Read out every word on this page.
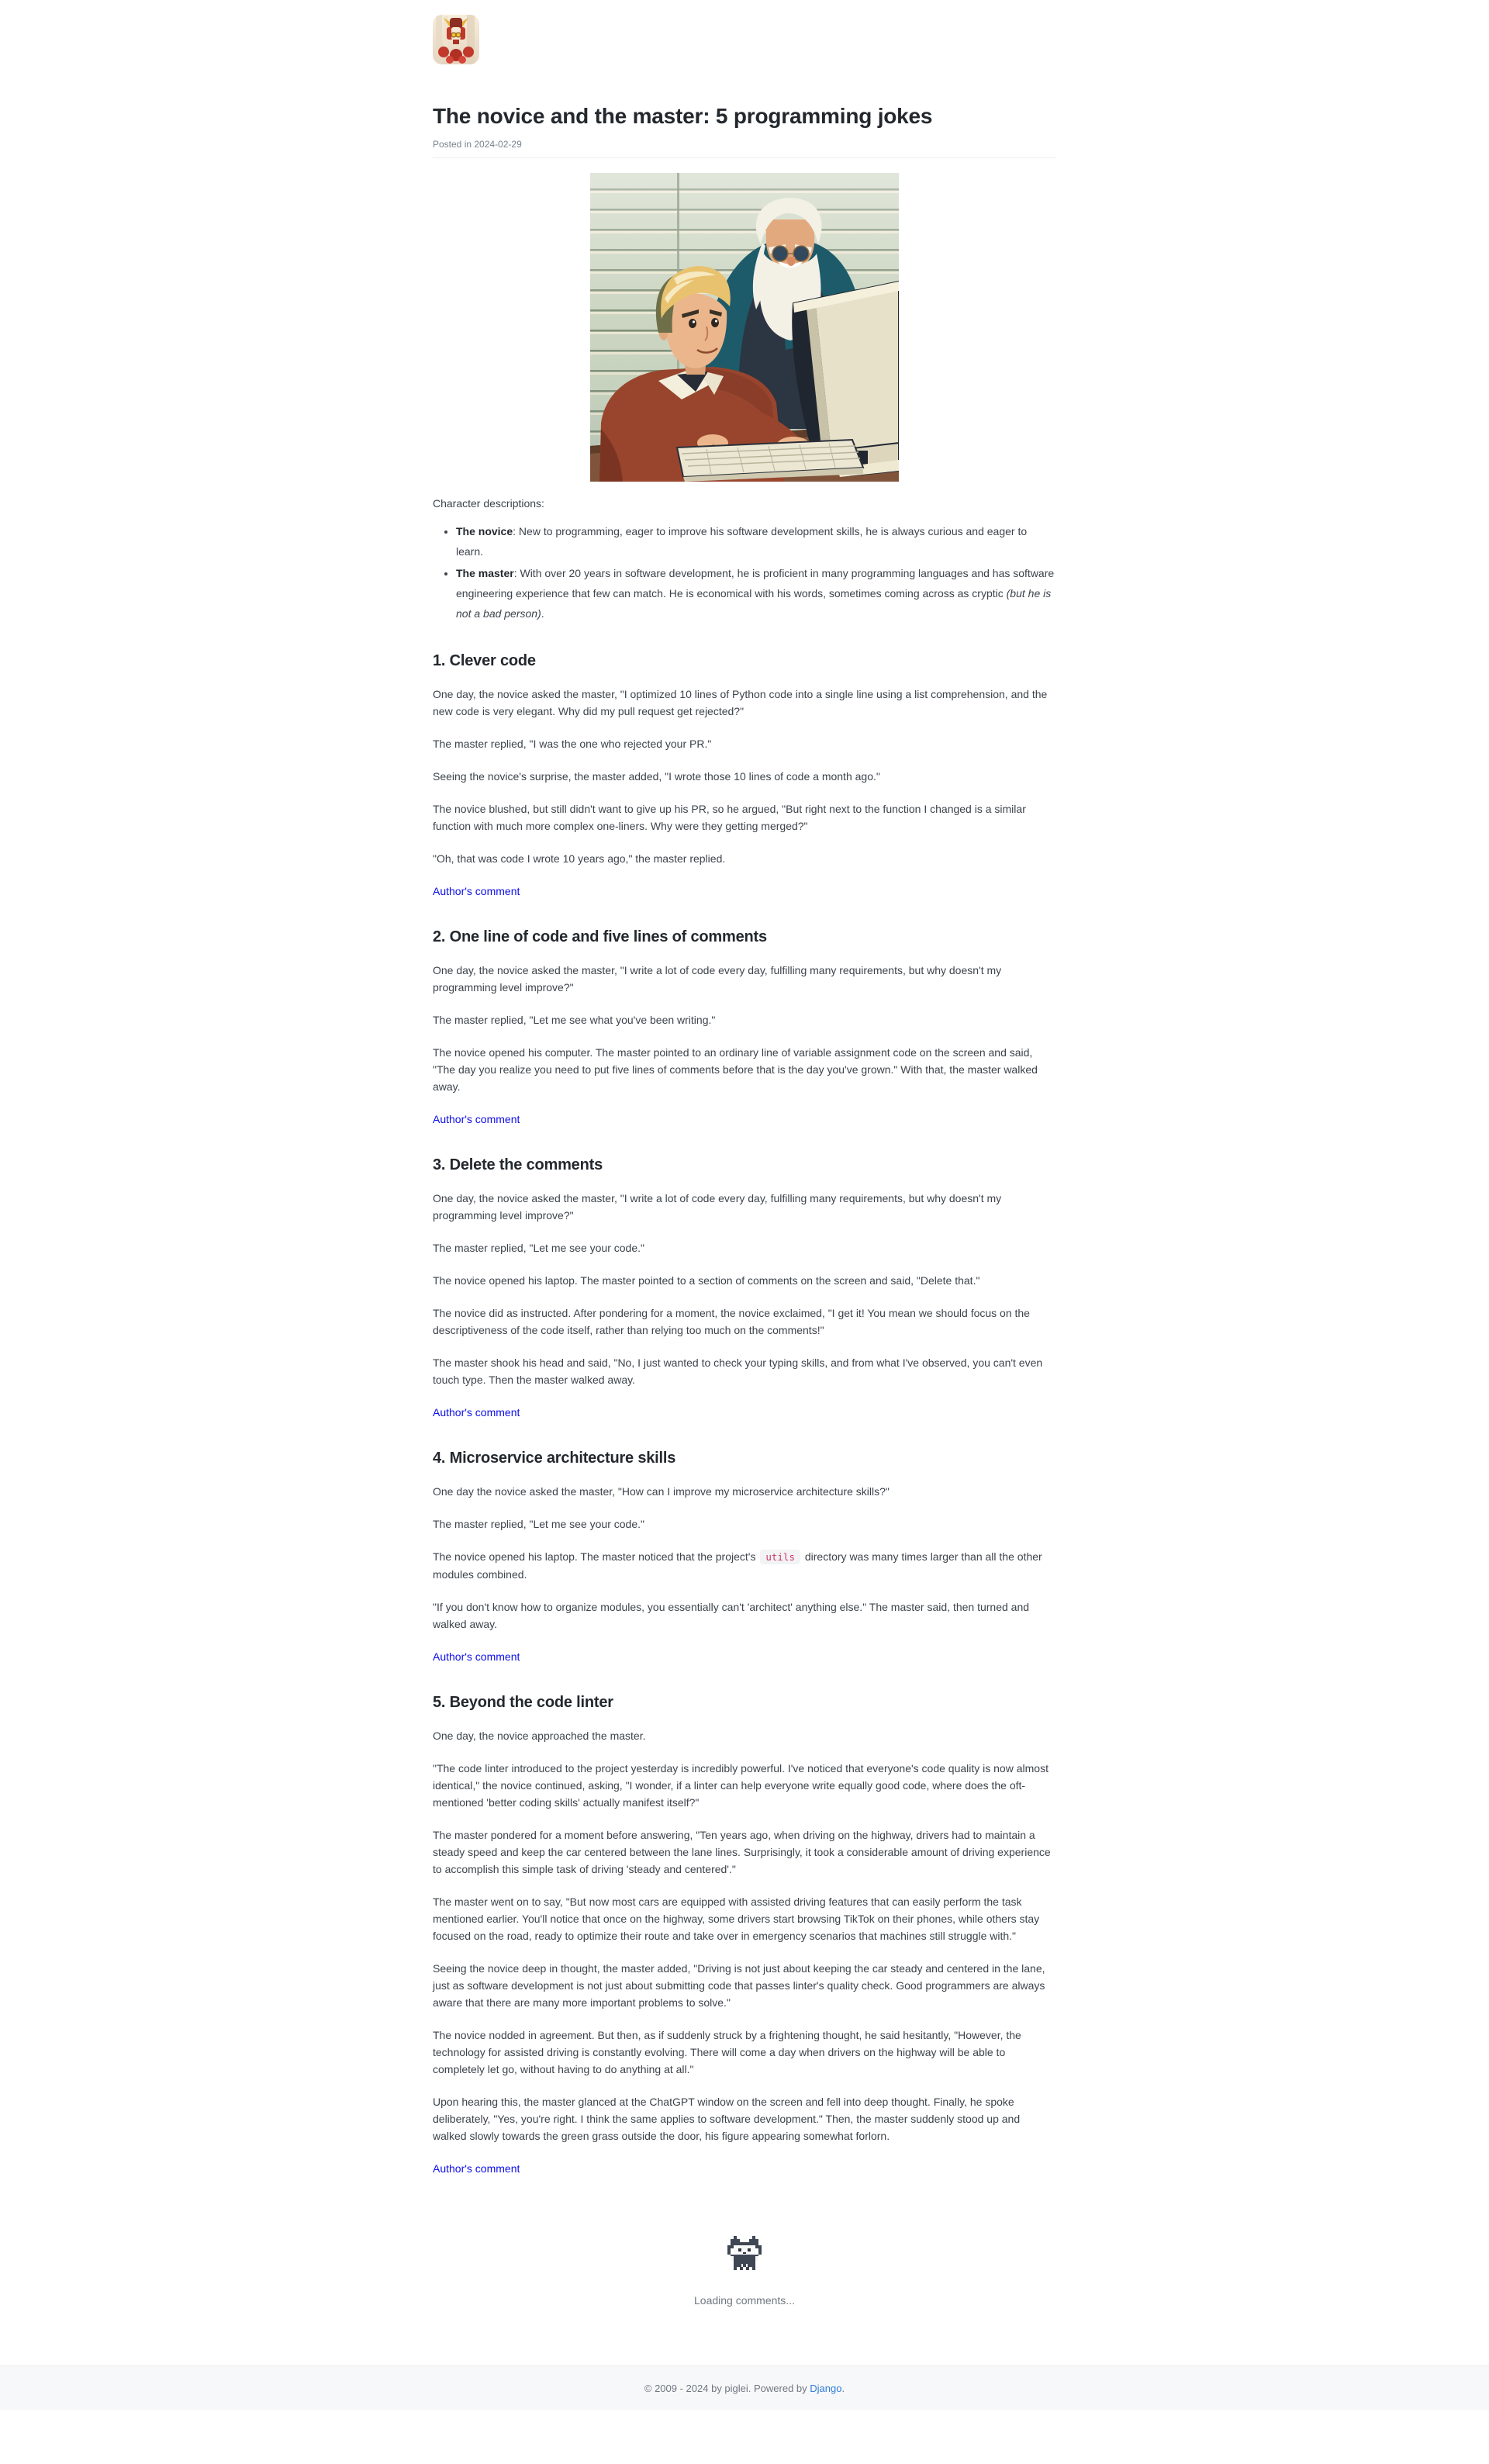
The novice and the master: 5 programming jokes
Posted in 2024-02-29

Character descriptions:

• The novice: New to programming, eager to improve his software development skills, he is always curious and eager to learn.
• The master: With over 20 years in software development, he is proficient in many programming languages and has software engineering experience that few can match. He is economical with his words, sometimes coming across as cryptic (but he is not a bad person).
1. Clever code

One day, the novice asked the master, "I optimized 10 lines of Python code into a single line using a list comprehension, and the new code is very elegant. Why did my pull request get rejected?"

The master replied, "I was the one who rejected your PR."

Seeing the novice's surprise, the master added, "I wrote those 10 lines of code a month ago."

The novice blushed, but still didn't want to give up his PR, so he argued, "But right next to the function I changed is a similar function with much more complex one-liners. Why were they getting merged?"

"Oh, that was code I wrote 10 years ago," the master replied.

Author's comment

2. One line of code and five lines of comments

One day, the novice asked the master, "I write a lot of code every day, fulfilling many requirements, but why doesn't my programming level improve?"

The master replied, "Let me see what you've been writing."

The novice opened his computer. The master pointed to an ordinary line of variable assignment code on the screen and said, "The day you realize you need to put five lines of comments before that is the day you've grown." With that, the master walked away.

Author's comment

3. Delete the comments

One day, the novice asked the master, "I write a lot of code every day, fulfilling many requirements, but why doesn't my programming level improve?"

The master replied, "Let me see your code."

The novice opened his laptop. The master pointed to a section of comments on the screen and said, "Delete that."

The novice did as instructed. After pondering for a moment, the novice exclaimed, "I get it! You mean we should focus on the descriptiveness of the code itself, rather than relying too much on the comments!"

The master shook his head and said, "No, I just wanted to check your typing skills, and from what I've observed, you can't even touch type. Then the master walked away.

Author's comment

4. Microservice architecture skills

One day the novice asked the master, "How can I improve my microservice architecture skills?"

The master replied, "Let me see your code."

The novice opened his laptop. The master noticed that the project's utils directory was many times larger than all the other modules combined.

"If you don't know how to organize modules, you essentially can't 'architect' anything else." The master said, then turned and walked away.

Author's comment

5. Beyond the code linter

One day, the novice approached the master.

"The code linter introduced to the project yesterday is incredibly powerful. I've noticed that everyone's code quality is now almost identical," the novice continued, asking, "I wonder, if a linter can help everyone write equally good code, where does the oft-mentioned 'better coding skills' actually manifest itself?"

The master pondered for a moment before answering, "Ten years ago, when driving on the highway, drivers had to maintain a steady speed and keep the car centered between the lane lines. Surprisingly, it took a considerable amount of driving experience to accomplish this simple task of driving 'steady and centered'."

The master went on to say, "But now most cars are equipped with assisted driving features that can easily perform the task mentioned earlier. You'll notice that once on the highway, some drivers start browsing TikTok on their phones, while others stay focused on the road, ready to optimize their route and take over in emergency scenarios that machines still struggle with."

Seeing the novice deep in thought, the master added, "Driving is not just about keeping the car steady and centered in the lane, just as software development is not just about submitting code that passes linter's quality check. Good programmers are always aware that there are many more important problems to solve."

The novice nodded in agreement. But then, as if suddenly struck by a frightening thought, he said hesitantly, "However, the technology for assisted driving is constantly evolving. There will come a day when drivers on the highway will be able to completely let go, without having to do anything at all."

Upon hearing this, the master glanced at the ChatGPT window on the screen and fell into deep thought. Finally, he spoke deliberately, "Yes, you're right. I think the same applies to software development." Then, the master suddenly stood up and walked slowly towards the green grass outside the door, his figure appearing somewhat forlorn.

Author's comment

Loading comments...
© 2009 - 2024 by piglei. Powered by Django.
